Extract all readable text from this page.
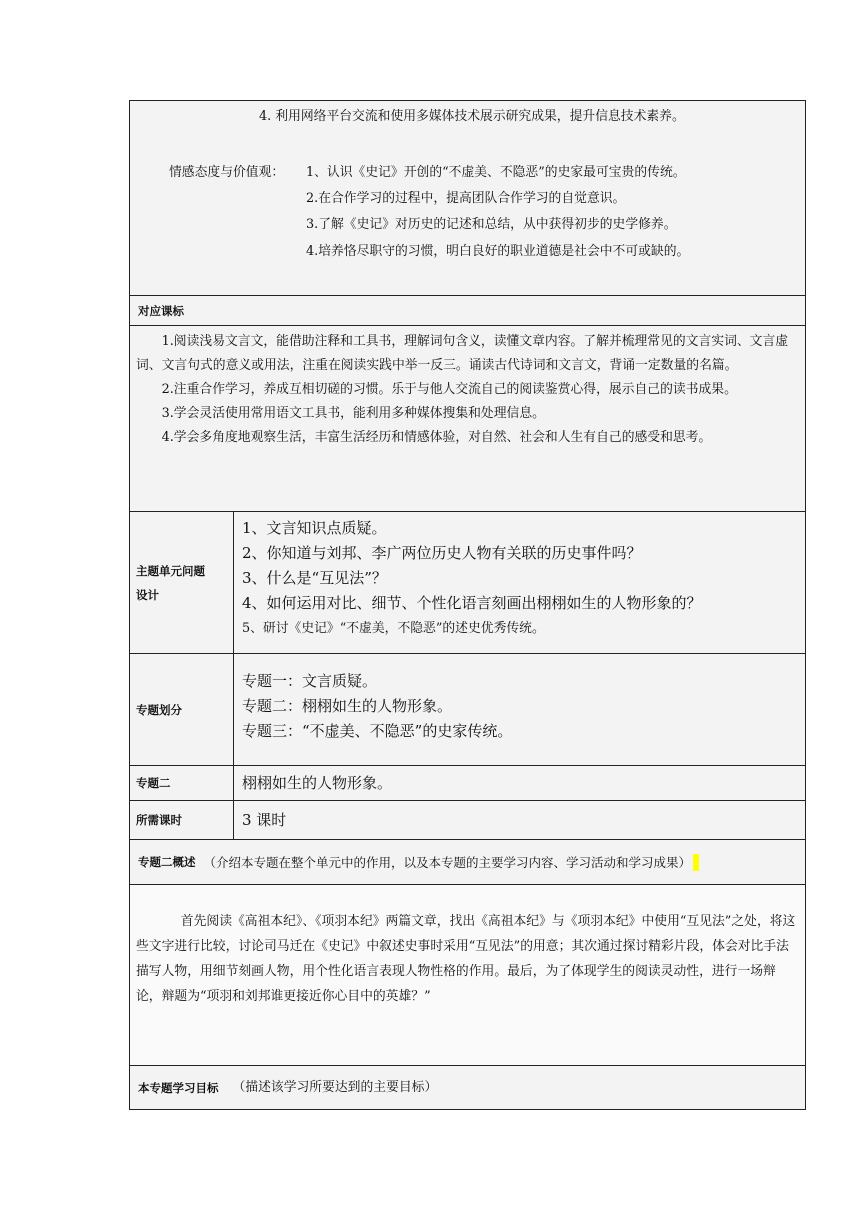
4. 利用网络平台交流和使用多媒体技术展示研究成果，提升信息技术素养。

情感态度与价值观： 1、认识《史记》开创的“不虚美、不隐恶”的史家最可宝贵的传统。

2.在合作学习的过程中，提高团队合作学习的自觉意识。

3.了解《史记》对历史的记述和总结，从中获得初步的史学修养。

4.培养恪尽职守的习惯，明白良好的职业道德是社会中不可或缺的。

对应课标

1.阅读浅易文言文，能借助注释和工具书，理解词句含义，读懂文章内容。了解并梳理常见的文言实词、文言虚词、文言句式的意义或用法，注重在阅读实践中举一反三。诵读古代诗词和文言文，背诵一定数量的名篇。

2.注重合作学习，养成互相切磋的习惯。乐于与他人交流自己的阅读鉴赏心得，展示自己的读书成果。

3.学会灵活使用常用语文工具书，能利用多种媒体搜集和处理信息。

4.学会多角度地观察生活，丰富生活经历和情感体验，对自然、社会和人生有自己的感受和思考。

主题单元问题
设计
1、文言知识点质疑。
2、你知道与刘邦、李广两位历史人物有关联的历史事件吗？
3、什么是“互见法”？
4、如何运用对比、细节、个性化语言刻画出栩栩如生的人物形象的？
5、研讨《史记》“不虚美，不隐恶”的述史优秀传统。
专题划分
专题一：文言质疑。
专题二：栩栩如生的人物形象。
专题三：“不虚美、不隐恶”的史家传统。
专题二	栩栩如生的人物形象。
所需课时	3 课时
专题二概述 （介绍本专题在整个单元中的作用，以及本专题的主要学习内容、学习活动和学习成果）

首先阅读《高祖本纪》、《项羽本纪》两篇文章，找出《高祖本纪》与《项羽本纪》中使用“互见法”之处，将这些文字进行比较，讨论司马迁在《史记》中叙述史事时采用“互见法”的用意；其次通过探讨精彩片段，体会对比手法描写人物，用细节刻画人物，用个性化语言表现人物性格的作用。最后，为了体现学生的阅读灵动性，进行一场辩论，辩题为“项羽和刘邦谁更接近你心目中的英雄？”

本专题学习目标 （描述该学习所要达到的主要目标）
